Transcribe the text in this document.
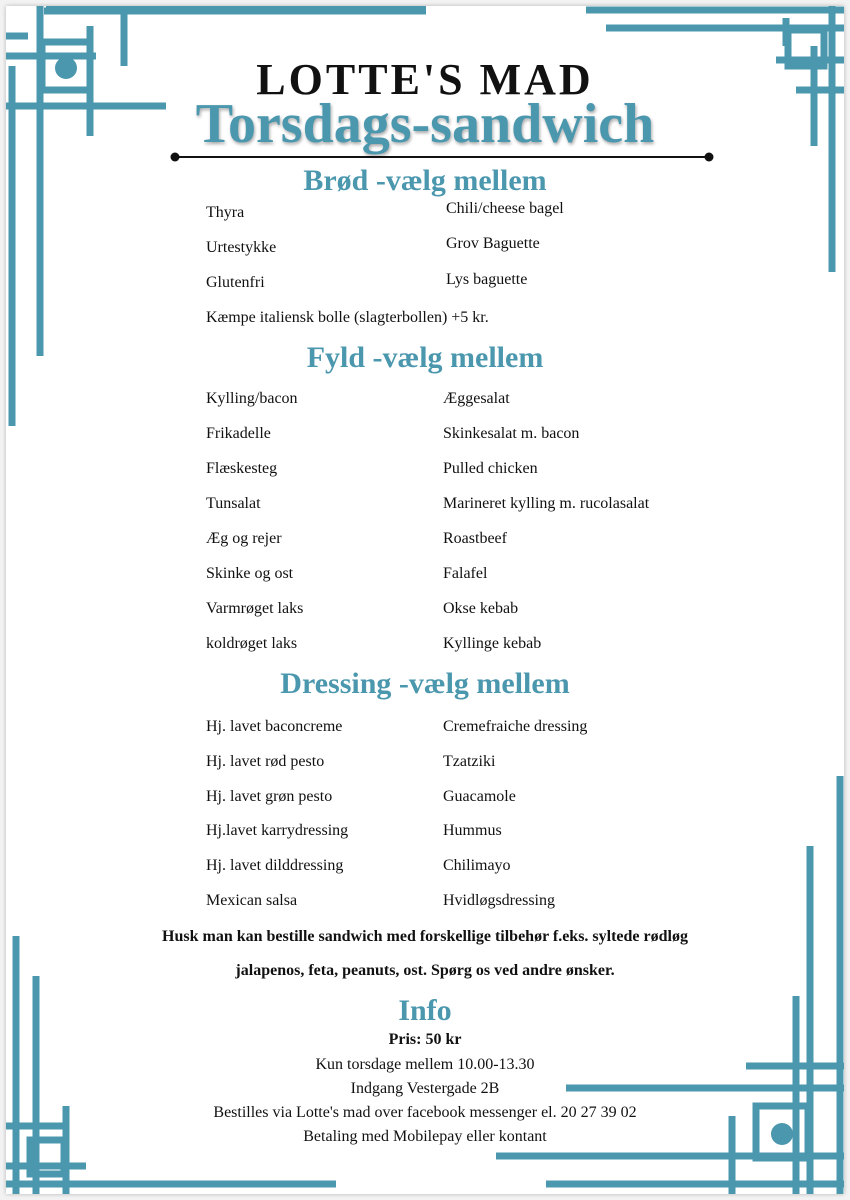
LOTTE'S MAD
Torsdags-sandwich
Brød -vælg mellem
Thyra	Chili/cheese bagel
Urtestykke	Grov Baguette
Glutenfri	Lys baguette
Kæmpe italiensk bolle (slagterbollen) +5 kr.
Fyld -vælg mellem
Kylling/bacon	Æggesalat
Frikadelle	Skinkesalat m. bacon
Flæskesteg	Pulled chicken
Tunsalat	Marineret kylling m. rucolasalat
Æg og rejer	Roastbeef
Skinke og ost	Falafel
Varmrøget laks	Okse kebab
koldrøget laks	Kyllinge kebab
Dressing -vælg mellem
Hj. lavet baconcreme	Cremefraiche dressing
Hj. lavet rød pesto	Tzatziki
Hj. lavet grøn pesto	Guacamole
Hj.lavet karrydressing	Hummus
Hj. lavet dilddressing	Chilimayo
Mexican salsa	Hvidløgsdressing
Husk man kan bestille sandwich med forskellige tilbehør f.eks. syltede rødløg
jalapenos, feta, peanuts, ost. Spørg os ved andre ønsker.
Info
Pris: 50 kr
Kun torsdage mellem 10.00-13.30
Indgang Vestergade 2B
Bestilles via Lotte's mad over facebook messenger el. 20 27 39 02
Betaling med Mobilepay eller kontant
